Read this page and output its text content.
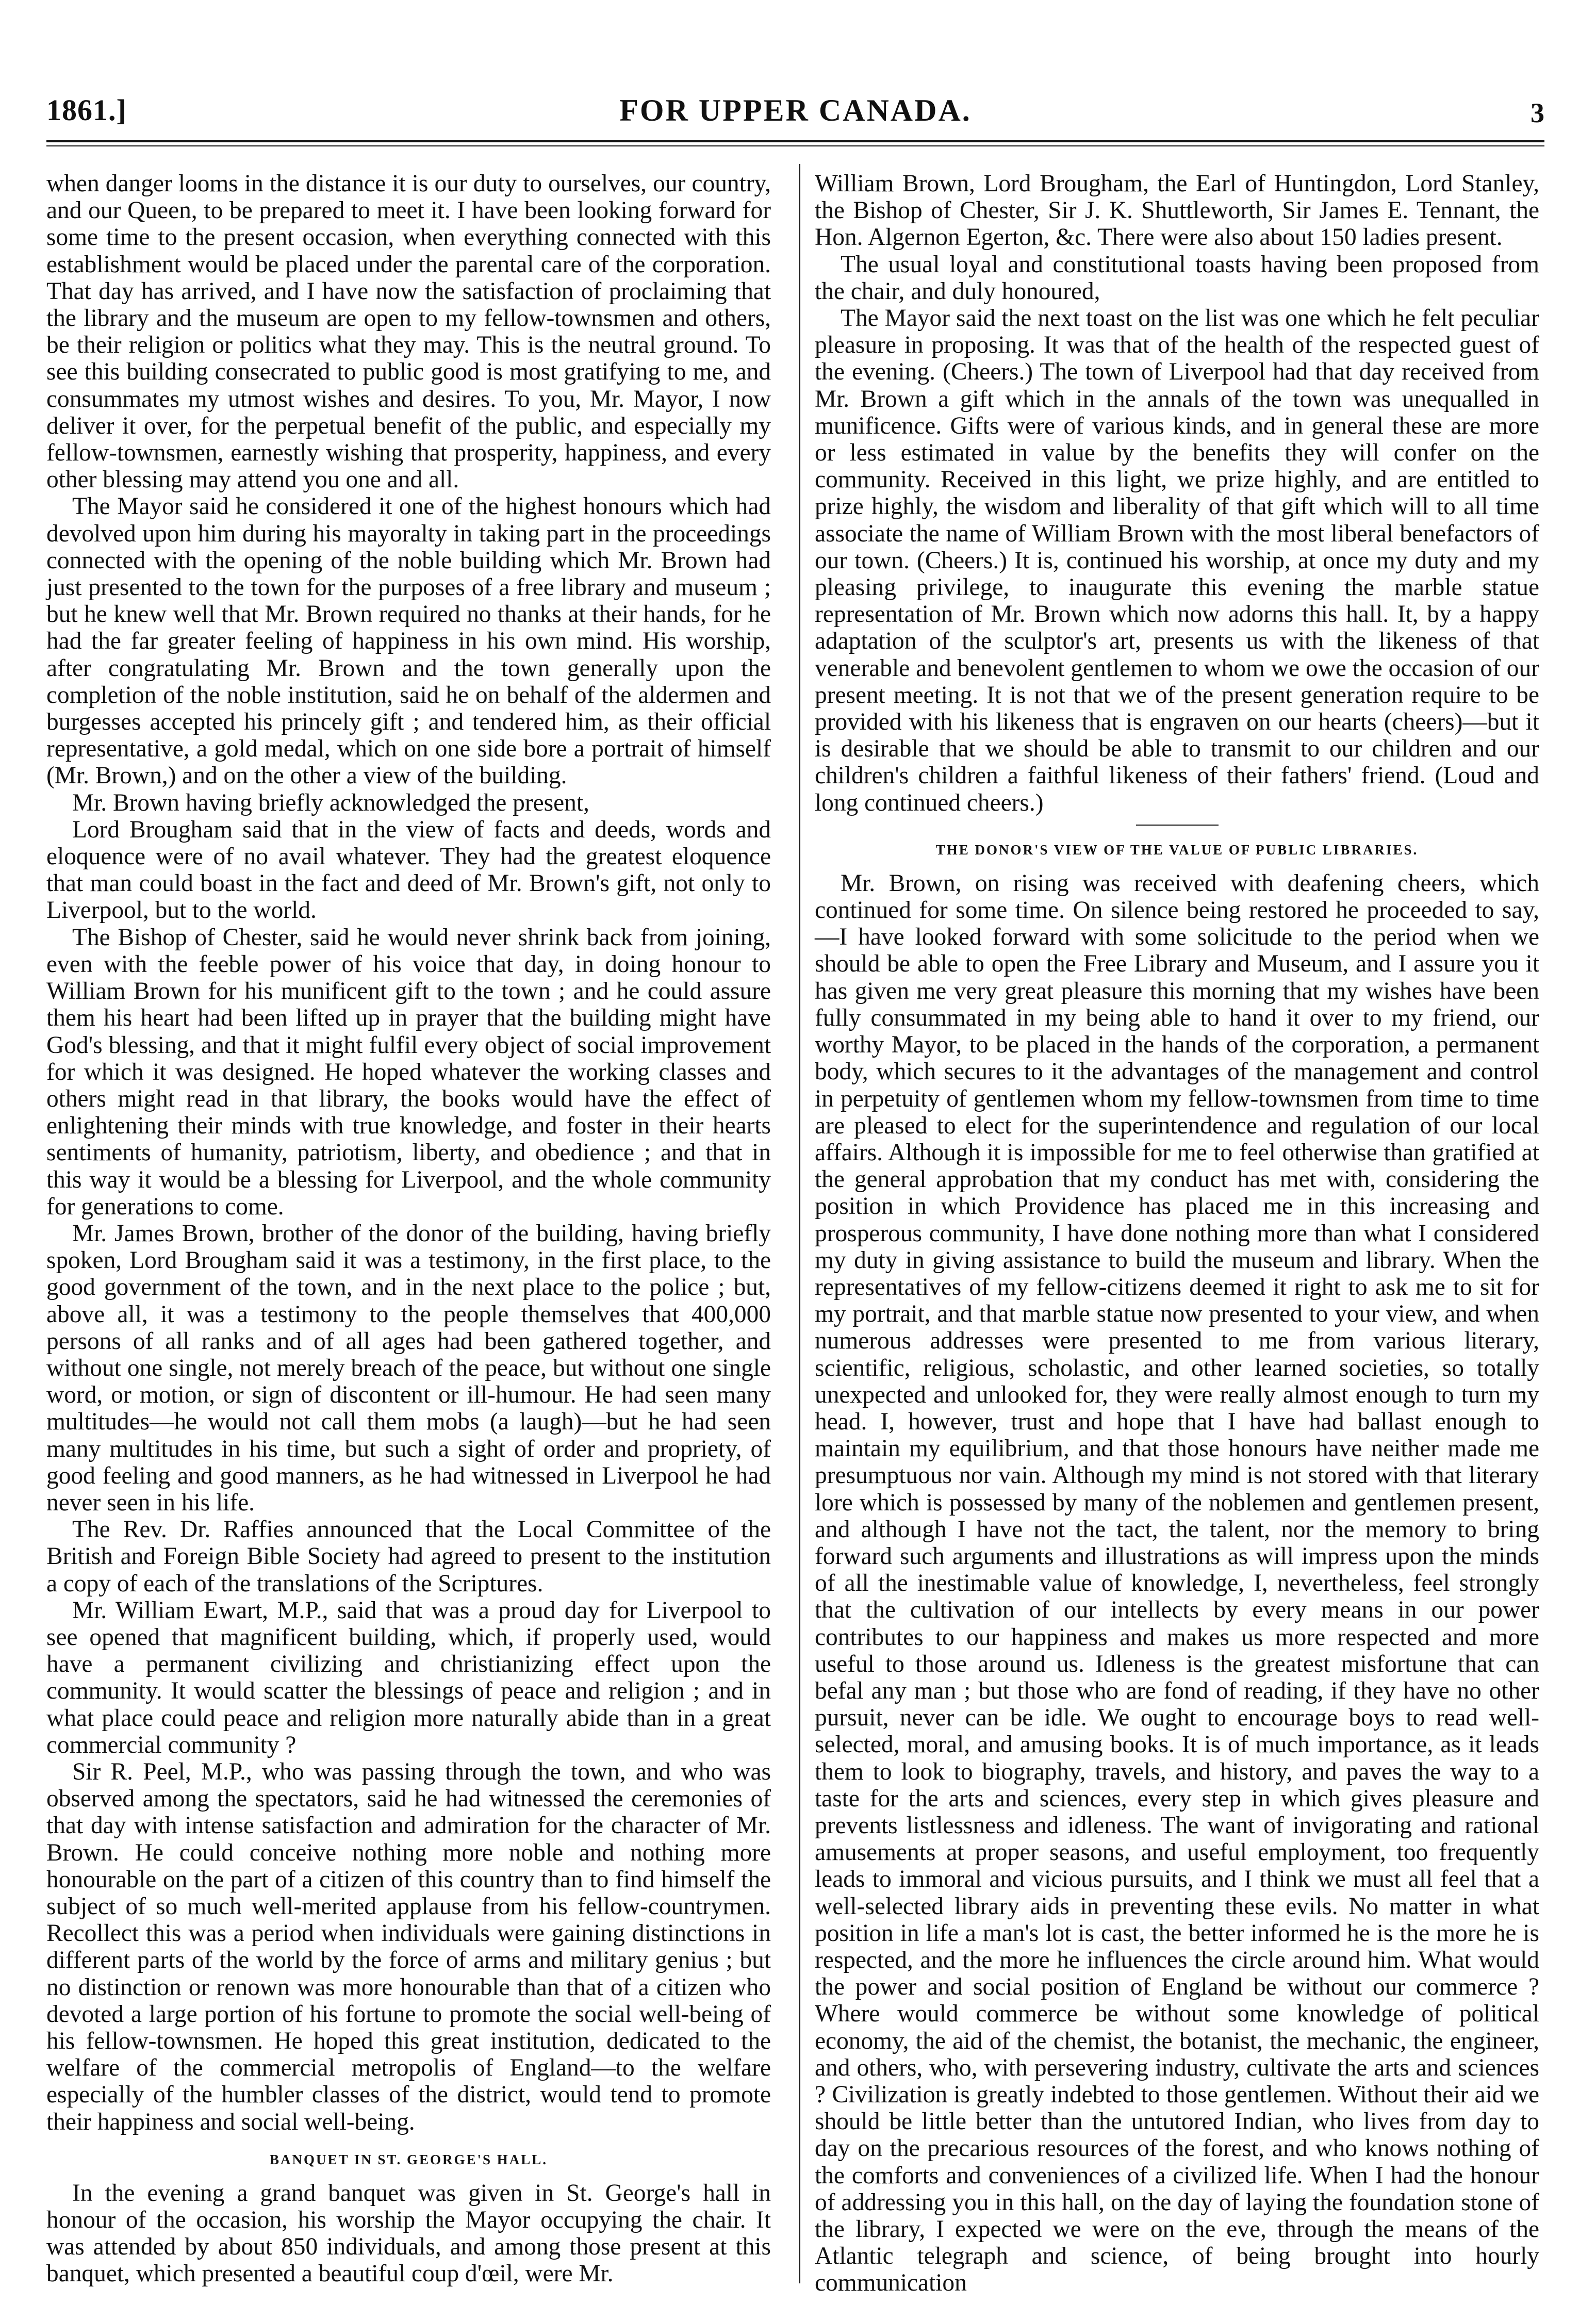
1861.]	FOR UPPER CANADA.	3

when danger looms in the distance it is our duty to ourselves, our country, and our Queen, to be prepared to meet it. I have been looking forward for some time to the present occasion, when everything connected with this establishment would be placed under the parental care of the corporation. That day has arrived, and I have now the satisfaction of proclaiming that the library and the museum are open to my fellow-townsmen and others, be their religion or politics what they may. This is the neutral ground. To see this building consecrated to public good is most gratifying to me, and consummates my utmost wishes and desires. To you, Mr. Mayor, I now deliver it over, for the perpetual benefit of the public, and especially my fellow-townsmen, earnestly wishing that prosperity, happiness, and every other blessing may attend you one and all.

The Mayor said he considered it one of the highest honours which had devolved upon him during his mayoralty in taking part in the proceedings connected with the opening of the noble building which Mr. Brown had just presented to the town for the purposes of a free library and museum ; but he knew well that Mr. Brown required no thanks at their hands, for he had the far greater feeling of happiness in his own mind. His worship, after congratulating Mr. Brown and the town generally upon the completion of the noble institution, said he on behalf of the aldermen and burgesses accepted his princely gift ; and tendered him, as their official representative, a gold medal, which on one side bore a portrait of himself (Mr. Brown,) and on the other a view of the building.

Mr. Brown having briefly acknowledged the present,

Lord Brougham said that in the view of facts and deeds, words and eloquence were of no avail whatever. They had the greatest eloquence that man could boast in the fact and deed of Mr. Brown's gift, not only to Liverpool, but to the world.

The Bishop of Chester, said he would never shrink back from joining, even with the feeble power of his voice that day, in doing honour to William Brown for his munificent gift to the town ; and he could assure them his heart had been lifted up in prayer that the building might have God's blessing, and that it might fulfil every object of social improvement for which it was designed. He hoped whatever the working classes and others might read in that library, the books would have the effect of enlightening their minds with true knowledge, and foster in their hearts sentiments of humanity, patriotism, liberty, and obedience ; and that in this way it would be a blessing for Liverpool, and the whole community for generations to come.

Mr. James Brown, brother of the donor of the building, having briefly spoken, Lord Brougham said it was a testimony, in the first place, to the good government of the town, and in the next place to the police ; but, above all, it was a testimony to the people themselves that 400,000 persons of all ranks and of all ages had been gathered together, and without one single, not merely breach of the peace, but without one single word, or motion, or sign of discontent or ill-humour. He had seen many multitudes—he would not call them mobs (a laugh)—but he had seen many multitudes in his time, but such a sight of order and propriety, of good feeling and good manners, as he had witnessed in Liverpool he had never seen in his life.

The Rev. Dr. Raffies announced that the Local Committee of the British and Foreign Bible Society had agreed to present to the institution a copy of each of the translations of the Scriptures.

Mr. William Ewart, M.P., said that was a proud day for Liverpool to see opened that magnificent building, which, if properly used, would have a permanent civilizing and christianizing effect upon the community. It would scatter the blessings of peace and religion ; and in what place could peace and religion more naturally abide than in a great commercial community ?

Sir R. Peel, M.P., who was passing through the town, and who was observed among the spectators, said he had witnessed the ceremonies of that day with intense satisfaction and admiration for the character of Mr. Brown. He could conceive nothing more noble and nothing more honourable on the part of a citizen of this country than to find himself the subject of so much well-merited applause from his fellow-countrymen. Recollect this was a period when individuals were gaining distinctions in different parts of the world by the force of arms and military genius ; but no distinction or renown was more honourable than that of a citizen who devoted a large portion of his fortune to promote the social well-being of his fellow-townsmen. He hoped this great institution, dedicated to the welfare of the commercial metropolis of England—to the welfare especially of the humbler classes of the district, would tend to promote their happiness and social well-being.

BANQUET IN ST. GEORGE'S HALL.

In the evening a grand banquet was given in St. George's hall in honour of the occasion, his worship the Mayor occupying the chair. It was attended by about 850 individuals, and among those present at this banquet, which presented a beautiful coup d'œil, were Mr.

William Brown, Lord Brougham, the Earl of Huntingdon, Lord Stanley, the Bishop of Chester, Sir J. K. Shuttleworth, Sir James E. Tennant, the Hon. Algernon Egerton, &c. There were also about 150 ladies present.

The usual loyal and constitutional toasts having been proposed from the chair, and duly honoured,

The Mayor said the next toast on the list was one which he felt peculiar pleasure in proposing. It was that of the health of the respected guest of the evening. (Cheers.) The town of Liverpool had that day received from Mr. Brown a gift which in the annals of the town was unequalled in munificence. Gifts were of various kinds, and in general these are more or less estimated in value by the benefits they will confer on the community. Received in this light, we prize highly, and are entitled to prize highly, the wisdom and liberality of that gift which will to all time associate the name of William Brown with the most liberal benefactors of our town. (Cheers.) It is, continued his worship, at once my duty and my pleasing privilege, to inaugurate this evening the marble statue representation of Mr. Brown which now adorns this hall. It, by a happy adaptation of the sculptor's art, presents us with the likeness of that venerable and benevolent gentlemen to whom we owe the occasion of our present meeting. It is not that we of the present generation require to be provided with his likeness that is engraven on our hearts (cheers)—but it is desirable that we should be able to transmit to our children and our children's children a faithful likeness of their fathers' friend. (Loud and long continued cheers.)

THE DONOR'S VIEW OF THE VALUE OF PUBLIC LIBRARIES.

Mr. Brown, on rising was received with deafening cheers, which continued for some time. On silence being restored he proceeded to say,—I have looked forward with some solicitude to the period when we should be able to open the Free Library and Museum, and I assure you it has given me very great pleasure this morning that my wishes have been fully consummated in my being able to hand it over to my friend, our worthy Mayor, to be placed in the hands of the corporation, a permanent body, which secures to it the advantages of the management and control in perpetuity of gentlemen whom my fellow-townsmen from time to time are pleased to elect for the superintendence and regulation of our local affairs. Although it is impossible for me to feel otherwise than gratified at the general approbation that my conduct has met with, considering the position in which Providence has placed me in this increasing and prosperous community, I have done nothing more than what I considered my duty in giving assistance to build the museum and library. When the representatives of my fellow-citizens deemed it right to ask me to sit for my portrait, and that marble statue now presented to your view, and when numerous addresses were presented to me from various literary, scientific, religious, scholastic, and other learned societies, so totally unexpected and unlooked for, they were really almost enough to turn my head. I, however, trust and hope that I have had ballast enough to maintain my equilibrium, and that those honours have neither made me presumptuous nor vain. Although my mind is not stored with that literary lore which is possessed by many of the noblemen and gentlemen present, and although I have not the tact, the talent, nor the memory to bring forward such arguments and illustrations as will impress upon the minds of all the inestimable value of knowledge, I, nevertheless, feel strongly that the cultivation of our intellects by every means in our power contributes to our happiness and makes us more respected and more useful to those around us. Idleness is the greatest misfortune that can befal any man ; but those who are fond of reading, if they have no other pursuit, never can be idle. We ought to encourage boys to read well-selected, moral, and amusing books. It is of much importance, as it leads them to look to biography, travels, and history, and paves the way to a taste for the arts and sciences, every step in which gives pleasure and prevents listlessness and idleness. The want of invigorating and rational amusements at proper seasons, and useful employment, too frequently leads to immoral and vicious pursuits, and I think we must all feel that a well-selected library aids in preventing these evils. No matter in what position in life a man's lot is cast, the better informed he is the more he is respected, and the more he influences the circle around him. What would the power and social position of England be without our commerce ? Where would commerce be without some knowledge of political economy, the aid of the chemist, the botanist, the mechanic, the engineer, and others, who, with persevering industry, cultivate the arts and sciences ? Civilization is greatly indebted to those gentlemen. Without their aid we should be little better than the untutored Indian, who lives from day to day on the precarious resources of the forest, and who knows nothing of the comforts and conveniences of a civilized life. When I had the honour of addressing you in this hall, on the day of laying the foundation stone of the library, I expected we were on the eve, through the means of the Atlantic telegraph and science, of being brought into hourly communication
